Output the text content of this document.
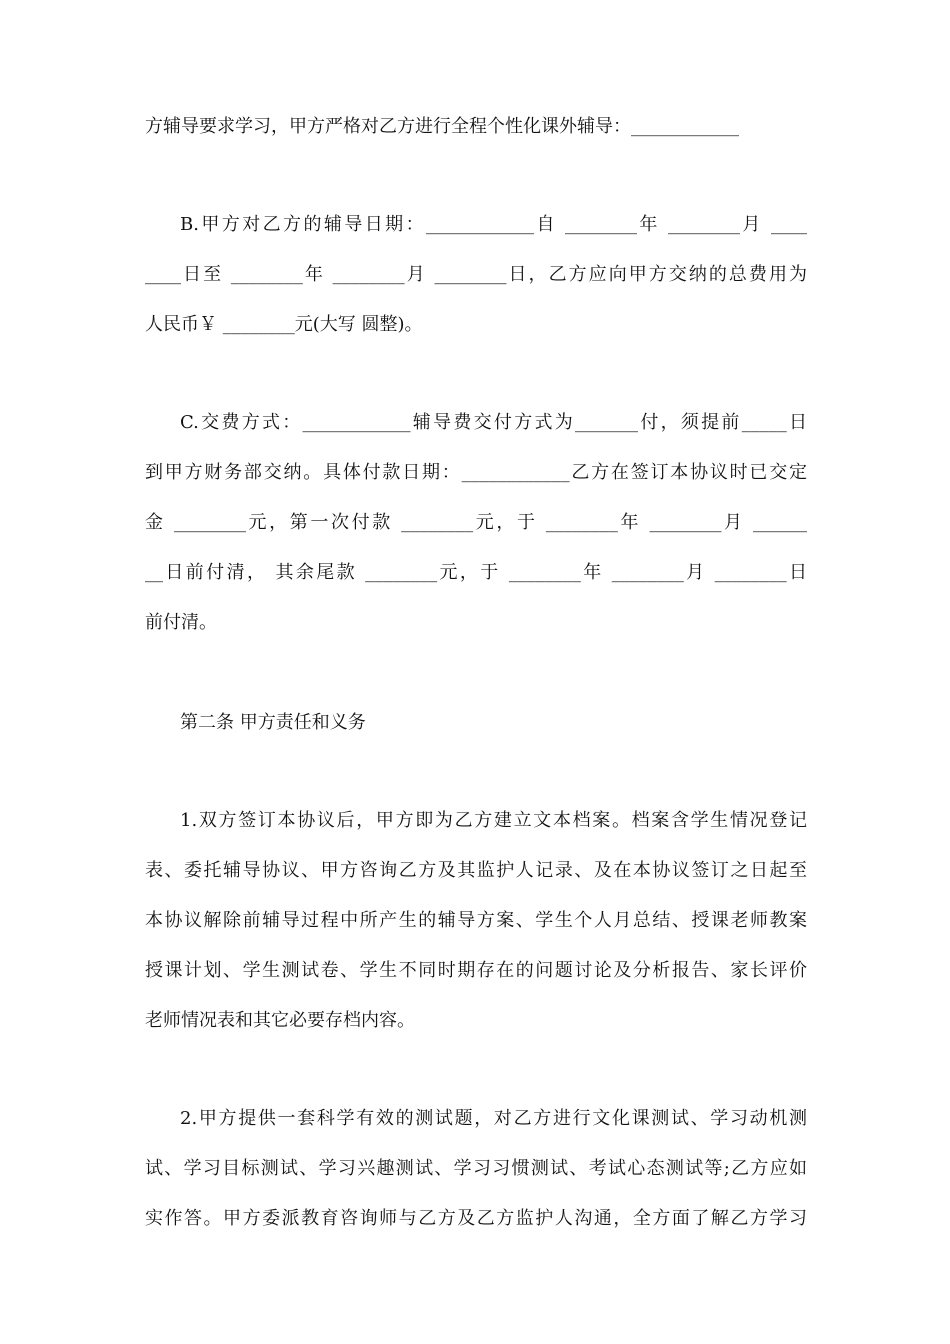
方辅导要求学习，甲方严格对乙方进行全程个性化课外辅导：____________
B.甲方对乙方的辅导日期：____________自 ________年 ________月 ____
____日至 ________年 ________月 ________日，乙方应向甲方交纳的总费用为
人民币￥ ________元(大写 圆整)。
C.交费方式：____________辅导费交付方式为_______付，须提前_____日
到甲方财务部交纳。具体付款日期：____________乙方在签订本协议时已交定
金 ________元，第一次付款 ________元，于 ________年 ________月 ______
__日前付清， 其余尾款 ________元，于 ________年 ________月 ________日
前付清。
第二条 甲方责任和义务
1.双方签订本协议后，甲方即为乙方建立文本档案。档案含学生情况登记
表、委托辅导协议、甲方咨询乙方及其监护人记录、及在本协议签订之日起至
本协议解除前辅导过程中所产生的辅导方案、学生个人月总结、授课老师教案
授课计划、学生测试卷、学生不同时期存在的问题讨论及分析报告、家长评价
老师情况表和其它必要存档内容。
2.甲方提供一套科学有效的测试题，对乙方进行文化课测试、学习动机测
试、学习目标测试、学习兴趣测试、学习习惯测试、考试心态测试等;乙方应如
实作答。甲方委派教育咨询师与乙方及乙方监护人沟通，全方面了解乙方学习
